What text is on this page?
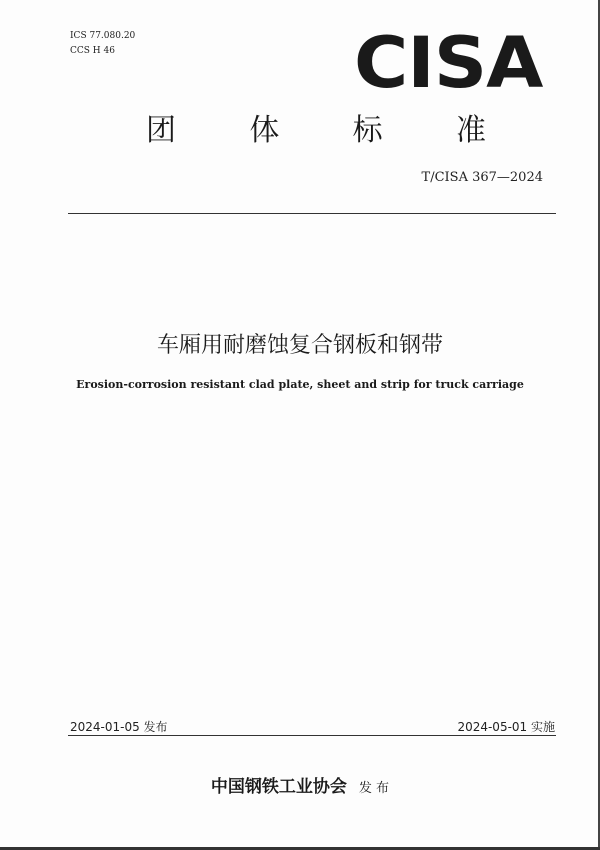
ICS 77.080.20
CCS H 46	CISA
团 体 标 准
T/CISA 367—2024
车厢用耐磨蚀复合钢板和钢带
Erosion-corrosion resistant clad plate, sheet and strip for truck carriage
2024-01-05 发布	2024-05-01 实施
中国钢铁工业协会 发 布
